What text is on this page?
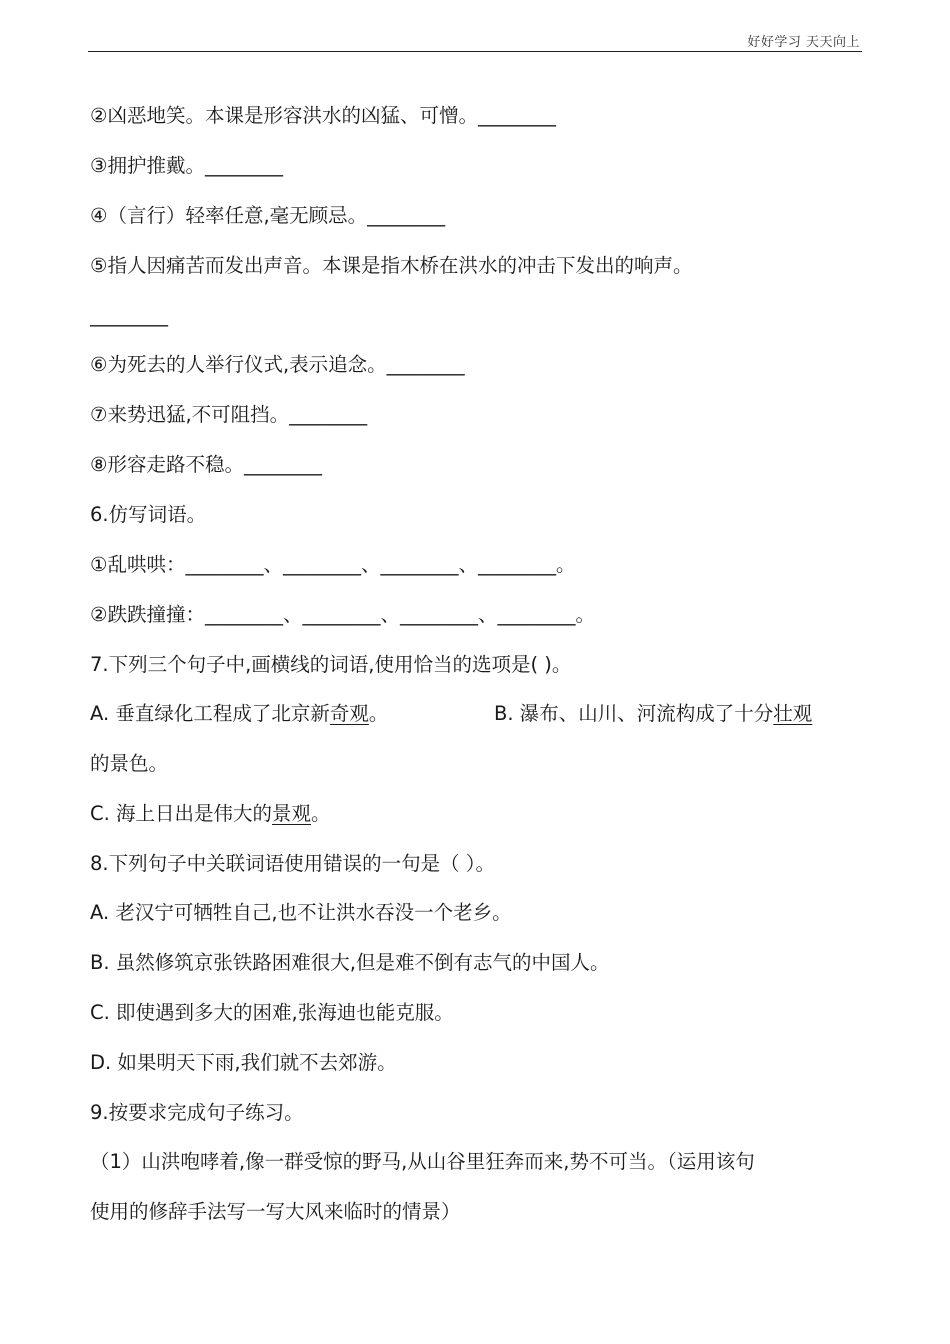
好好学习 天天向上
②凶恶地笑。本课是形容洪水的凶猛、可憎。________
③拥护推戴。________
④（言行）轻率任意,毫无顾忌。________
⑤指人因痛苦而发出声音。本课是指木桥在洪水的冲击下发出的响声。
________
⑥为死去的人举行仪式,表示追念。________
⑦来势迅猛,不可阻挡。________
⑧形容走路不稳。________
6.仿写词语。
①乱哄哄：________、________、________、________。
②跌跌撞撞：________、________、________、________。
7.下列三个句子中,画横线的词语,使用恰当的选项是( )。
A. 垂直绿化工程成了北京新奇观。	B. 瀑布、山川、河流构成了十分壮观
的景色。
C. 海上日出是伟大的景观。
8.下列句子中关联词语使用错误的一句是（ ）。
A. 老汉宁可牺牲自己,也不让洪水吞没一个老乡。
B. 虽然修筑京张铁路困难很大,但是难不倒有志气的中国人。
C. 即使遇到多大的困难,张海迪也能克服。
D. 如果明天下雨,我们就不去郊游。
9.按要求完成句子练习。
（1）山洪咆哮着,像一群受惊的野马,从山谷里狂奔而来,势不可当。（运用该句
使用的修辞手法写一写大风来临时的情景）
